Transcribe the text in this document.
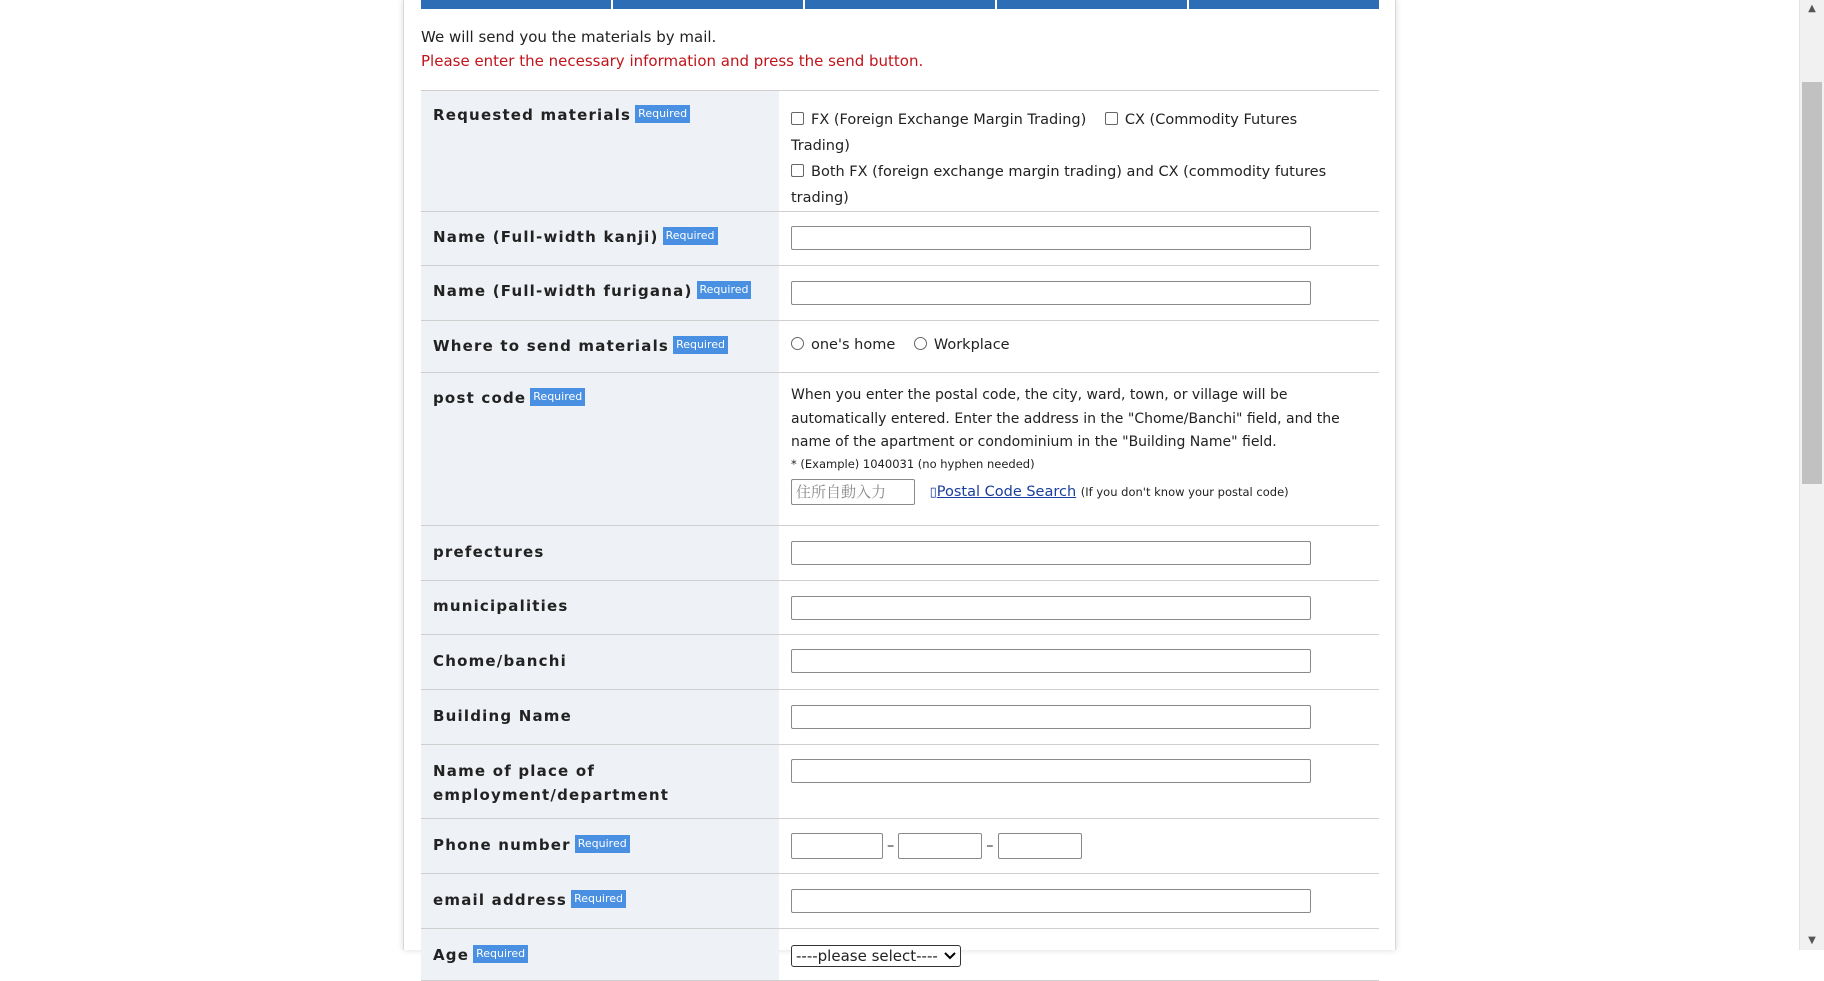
We will send you the materials by mail.
Please enter the necessary information and press the send button.
Requested materials Required	FX (Foreign Exchange Margin Trading) CX (Commodity Futures Trading)
Both FX (foreign exchange margin trading) and CX (commodity futures trading)

Name (Full-width kanji) Required	

Name (Full-width furigana) Required	

Where to send materials Required	one's home Workplace
post code Required	When you enter the postal code, the city, ward, town, or village will be automatically entered. Enter the address in the "Chome/Banchi" field, and the name of the apartment or condominium in the "Building Name" field.
* (Example) 1040031 (no hyphen needed)
住所自動入力 ▯Postal Code Search (If you don't know your postal code)

prefectures	

municipalities	

Chome/banchi	

Building Name	

Name of place of
employment/department	

Phone number Required	– –
email address Required	

Age Required	----please select----
▲
▼
